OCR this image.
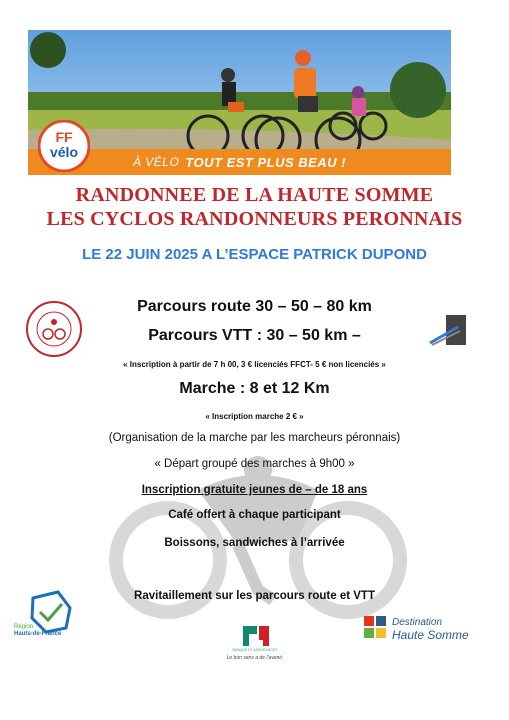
À VÉLO TOUT EST PLUS BEAU !
FF
vélo
RANDONNEE DE LA HAUTE SOMME
LES CYCLOS RANDONNEURS PERONNAIS
LE 22 JUIN 2025 A L’ESPACE PATRICK DUPOND
Région
Hauts-de-France
BANQUE ET ASSURANCES
Le bon sens a de l’avenir.
Destination
Haute Somme
Parcours route 30 – 50 – 80 km
Parcours VTT : 30 – 50 km –
« Inscription à partir de 7 h 00, 3 € licenciés FFCT- 5 € non licenciés »
Marche : 8 et 12 Km
« Inscription marche 2 € »
(Organisation de la marche par les marcheurs péronnais)
« Départ groupé des marches à 9h00 »
Inscription gratuite jeunes de – de 18 ans
Café offert à chaque participant
Boissons, sandwiches à l’arrivée
Ravitaillement sur les parcours route et VTT
